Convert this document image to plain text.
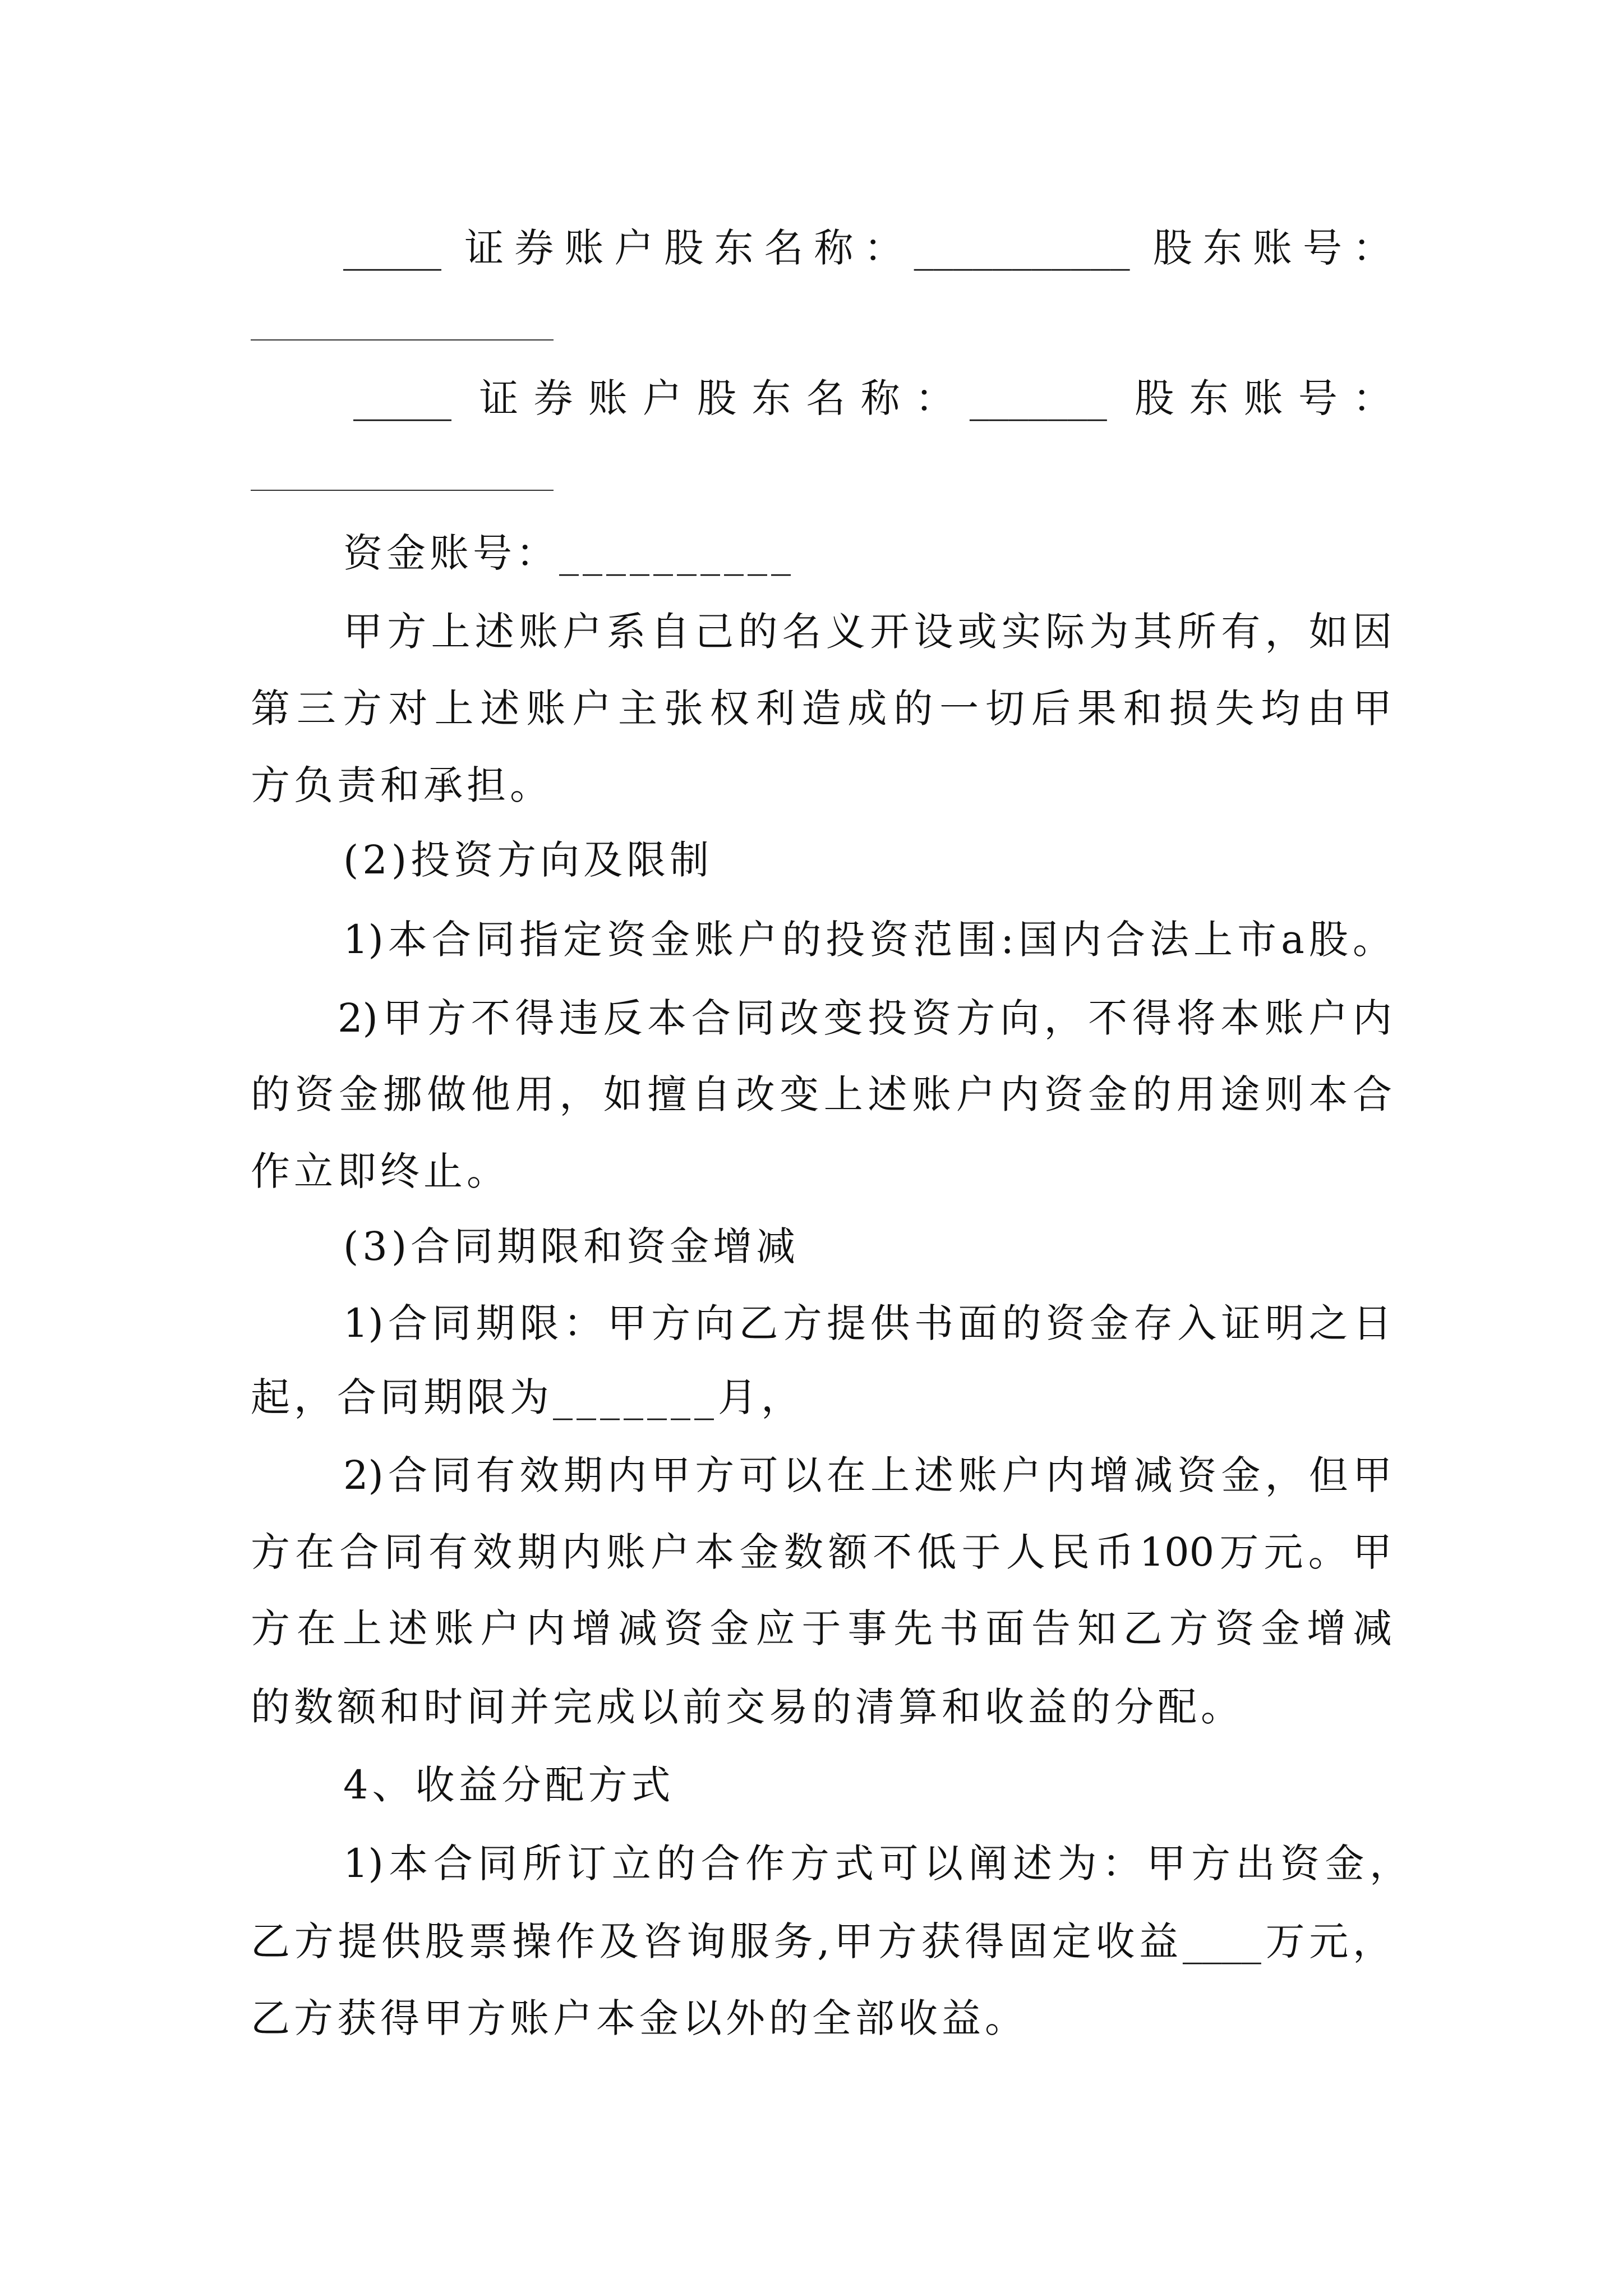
_____ 证券账户股东名称：___________ 股东账号：
_____ 证券账户股东名称：_______ 股东账号：
资金账号：__________
甲方上述账户系自己的名义开设或实际为其所有，如因
第三方对上述账户主张权利造成的一切后果和损失均由甲
方负责和承担。
(2)投资方向及限制
1)本合同指定资金账户的投资范围:国内合法上市a股。
2)甲方不得违反本合同改变投资方向，不得将本账户内
的资金挪做他用，如擅自改变上述账户内资金的用途则本合
作立即终止。
(3)合同期限和资金增减
1)合同期限：甲方向乙方提供书面的资金存入证明之日
起，合同期限为_______月，
2)合同有效期内甲方可以在上述账户内增减资金，但甲
方在合同有效期内账户本金数额不低于人民币100万元。甲
方在上述账户内增减资金应于事先书面告知乙方资金增减
的数额和时间并完成以前交易的清算和收益的分配。
4、收益分配方式
1)本合同所订立的合作方式可以阐述为：甲方出资金，
乙方提供股票操作及咨询服务,甲方获得固定收益____万元，
乙方获得甲方账户本金以外的全部收益。
